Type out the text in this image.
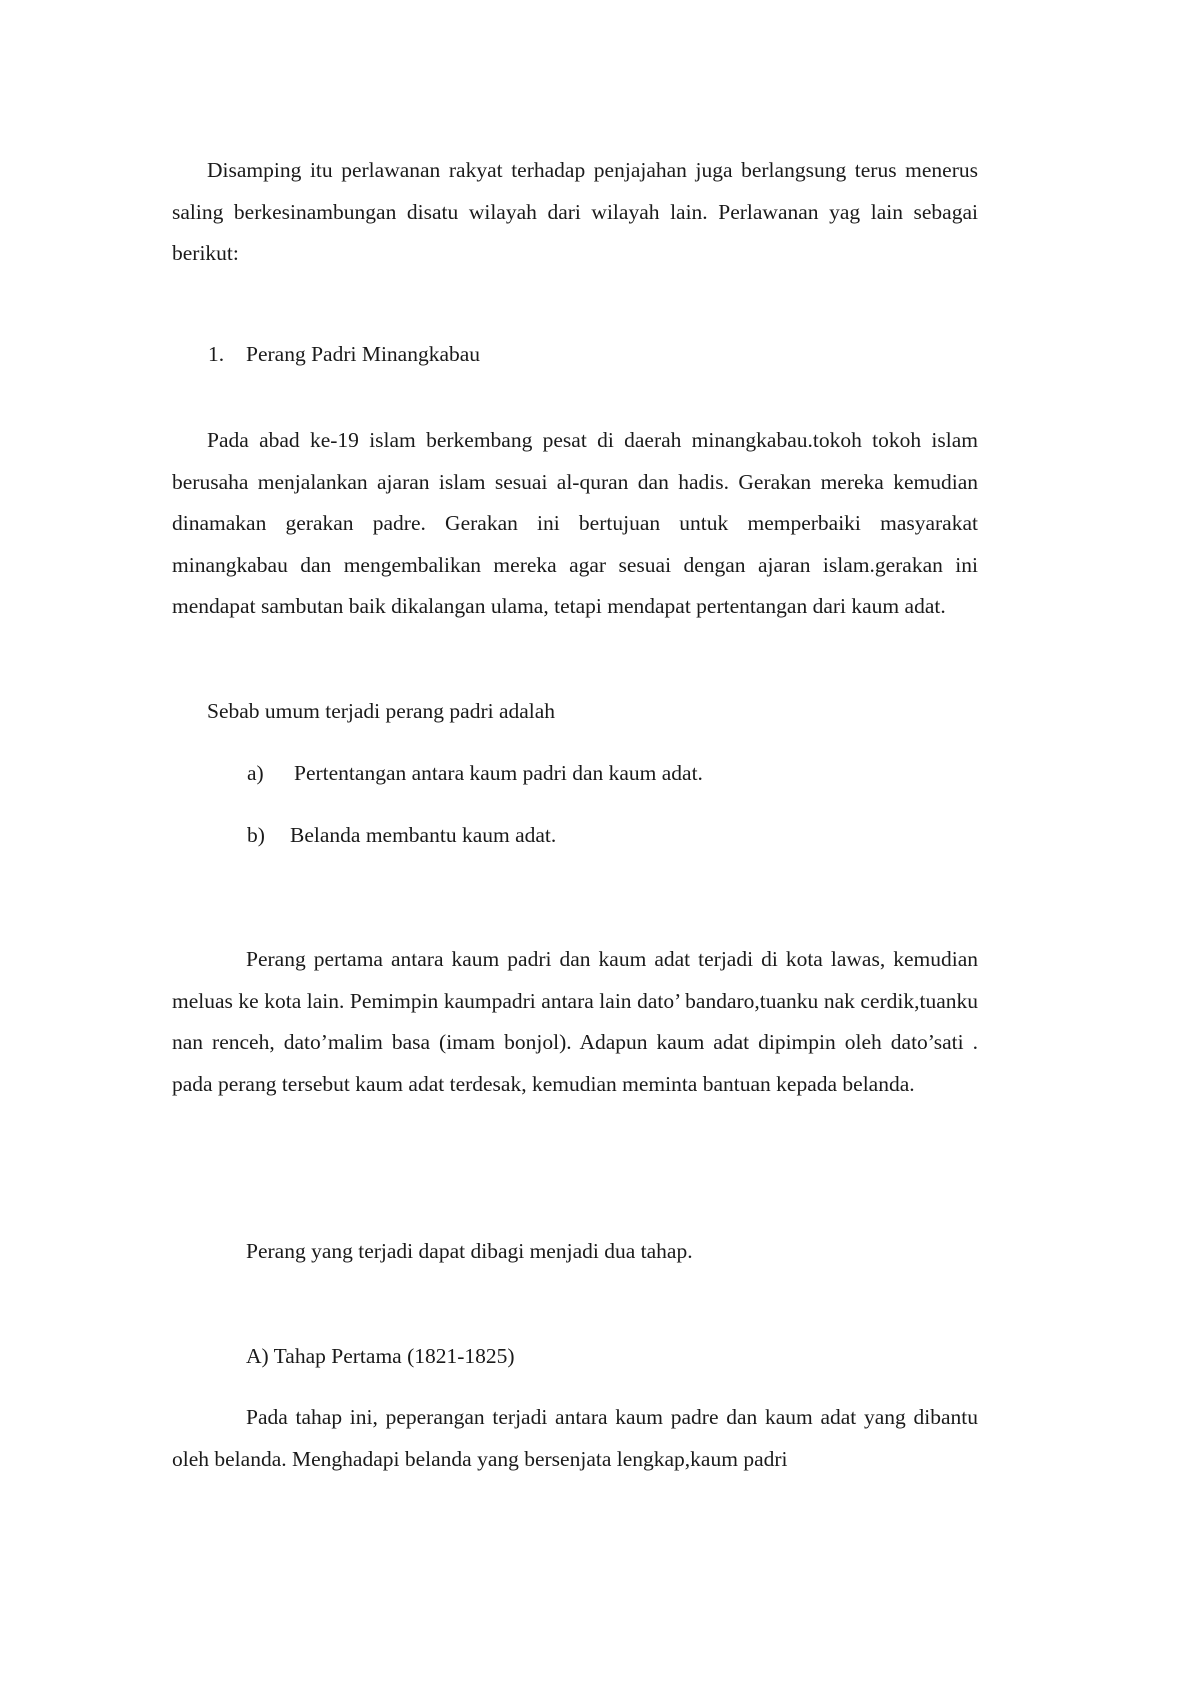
Disamping itu perlawanan rakyat terhadap penjajahan juga berlangsung terus menerus saling berkesinambungan disatu wilayah dari wilayah lain. Perlawanan yag lain sebagai berikut:

1. Perang Padri Minangkabau

Pada abad ke-19 islam berkembang pesat di daerah minangkabau.tokoh tokoh islam berusaha menjalankan ajaran islam sesuai al-quran dan hadis. Gerakan mereka kemudian dinamakan gerakan padre. Gerakan ini bertujuan untuk memperbaiki masyarakat minangkabau dan mengembalikan mereka agar sesuai dengan ajaran islam.gerakan ini mendapat sambutan baik dikalangan ulama, tetapi mendapat pertentangan dari kaum adat.

Sebab umum terjadi perang padri adalah

a) Pertentangan antara kaum padri dan kaum adat.
b) Belanda membantu kaum adat.

Perang pertama antara kaum padri dan kaum adat terjadi di kota lawas, kemudian meluas ke kota lain. Pemimpin kaumpadri antara lain dato’ bandaro,tuanku nak cerdik,tuanku nan renceh, dato’malim basa (imam bonjol). Adapun kaum adat dipimpin oleh dato’sati . pada perang tersebut kaum adat terdesak, kemudian meminta bantuan kepada belanda.

Perang yang terjadi dapat dibagi menjadi dua tahap.

A) Tahap Pertama (1821-1825)

Pada tahap ini, peperangan terjadi antara kaum padre dan kaum adat yang dibantu oleh belanda. Menghadapi belanda yang bersenjata lengkap,kaum padri
